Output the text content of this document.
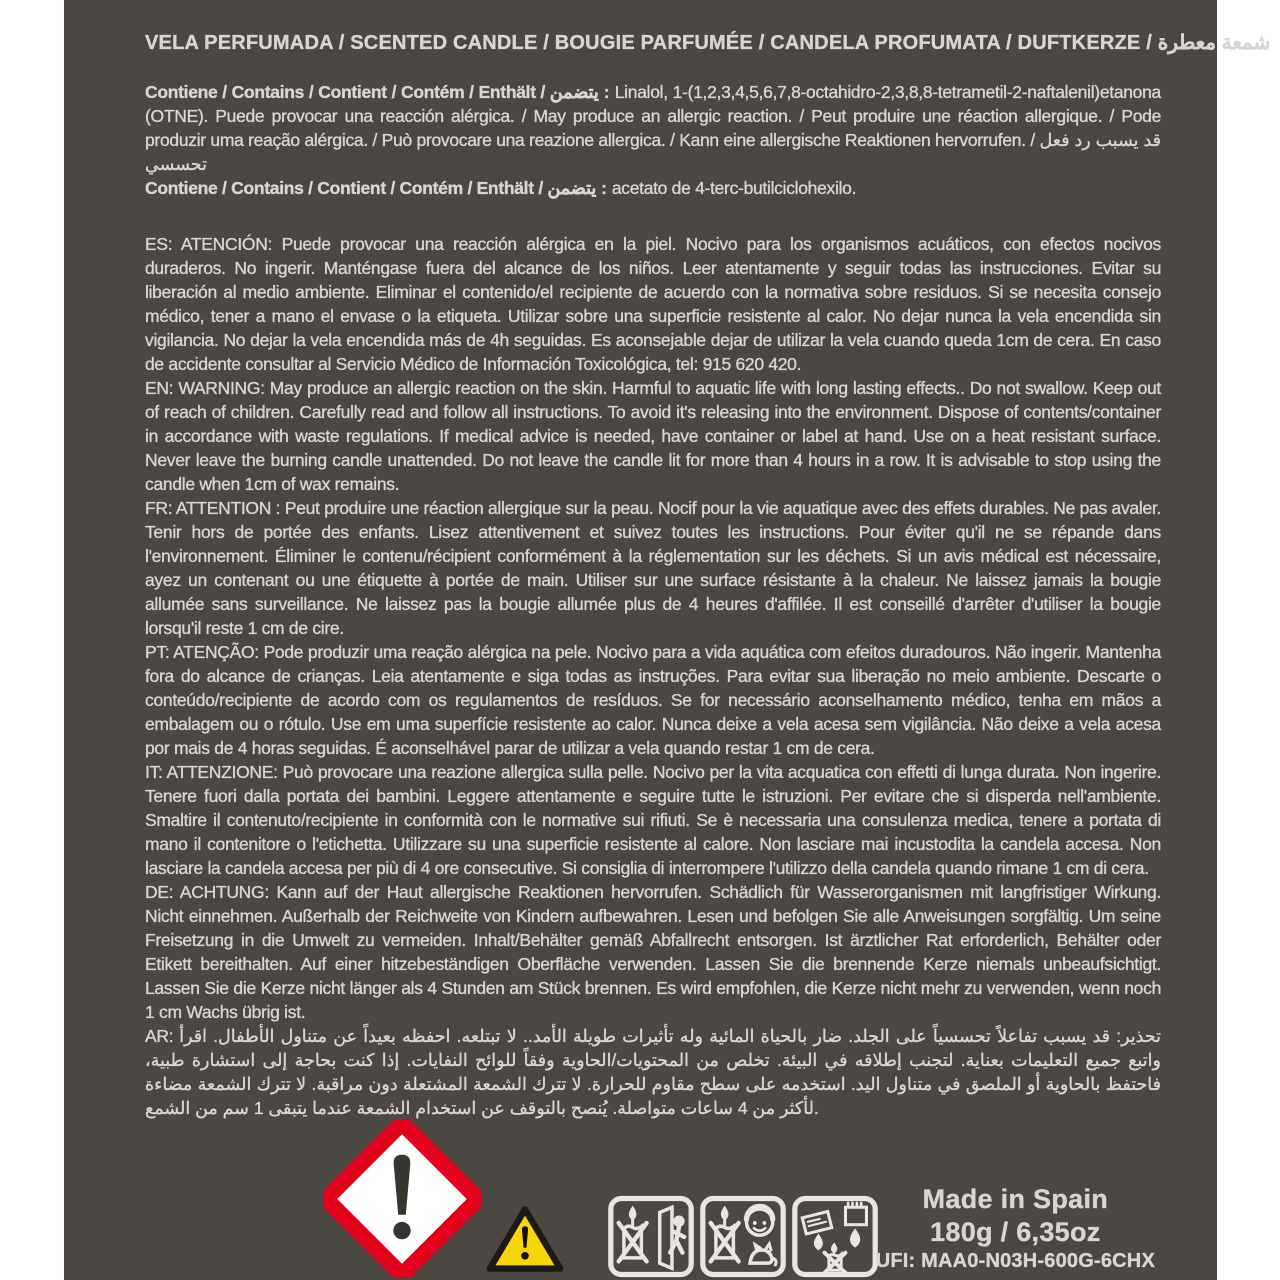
VELA PERFUMADA / SCENTED CANDLE / BOUGIE PARFUMÉE / CANDELA PROFUMATA / DUFTKERZE / شمعة معطرة

Contiene / Contains / Contient / Contém / Enthält / يتضمن : Linalol, 1-(1,2,3,4,5,6,7,8-octahidro-2,3,8,8-tetrametil-2-naftalenil)etanona (OTNE). Puede provocar una reacción alérgica. / May produce an allergic reaction. / Peut produire une réaction allergique. / Pode produzir uma reação alérgica. / Può provocare una reazione allergica. / Kann eine allergische Reaktionen hervorrufen. / قد يسبب رد فعل تحسسي

Contiene / Contains / Contient / Contém / Enthält / يتضمن : acetato de 4-terc-butilciclohexilo.

ES: ATENCIÓN: Puede provocar una reacción alérgica en la piel. Nocivo para los organismos acuáticos, con efectos nocivos duraderos. No ingerir. Manténgase fuera del alcance de los niños. Leer atentamente y seguir todas las instrucciones. Evitar su liberación al medio ambiente. Eliminar el contenido/el recipiente de acuerdo con la normativa sobre residuos. Si se necesita consejo médico, tener a mano el envase o la etiqueta. Utilizar sobre una superficie resistente al calor. No dejar nunca la vela encendida sin vigilancia. No dejar la vela encendida más de 4h seguidas. Es aconsejable dejar de utilizar la vela cuando queda 1cm de cera. En caso de accidente consultar al Servicio Médico de Información Toxicológica, tel: 915 620 420.

EN: WARNING: May produce an allergic reaction on the skin. Harmful to aquatic life with long lasting effects.. Do not swallow. Keep out of reach of children. Carefully read and follow all instructions. To avoid it's releasing into the environment. Dispose of contents/container in accordance with waste regulations. If medical advice is needed, have container or label at hand. Use on a heat resistant surface. Never leave the burning candle unattended. Do not leave the candle lit for more than 4 hours in a row. It is advisable to stop using the candle when 1cm of wax remains.

FR: ATTENTION : Peut produire une réaction allergique sur la peau. Nocif pour la vie aquatique avec des effets durables. Ne pas avaler. Tenir hors de portée des enfants. Lisez attentivement et suivez toutes les instructions. Pour éviter qu'il ne se répande dans l'environnement. Éliminer le contenu/récipient conformément à la réglementation sur les déchets. Si un avis médical est nécessaire, ayez un contenant ou une étiquette à portée de main. Utiliser sur une surface résistante à la chaleur. Ne laissez jamais la bougie allumée sans surveillance. Ne laissez pas la bougie allumée plus de 4 heures d'affilée. Il est conseillé d'arrêter d'utiliser la bougie lorsqu'il reste 1 cm de cire.

PT: ATENÇÃO: Pode produzir uma reação alérgica na pele. Nocivo para a vida aquática com efeitos duradouros. Não ingerir. Mantenha fora do alcance de crianças. Leia atentamente e siga todas as instruções. Para evitar sua liberação no meio ambiente. Descarte o conteúdo/recipiente de acordo com os regulamentos de resíduos. Se for necessário aconselhamento médico, tenha em mãos a embalagem ou o rótulo. Use em uma superfície resistente ao calor. Nunca deixe a vela acesa sem vigilância. Não deixe a vela acesa por mais de 4 horas seguidas. É aconselhável parar de utilizar a vela quando restar 1 cm de cera.

IT: ATTENZIONE: Può provocare una reazione allergica sulla pelle. Nocivo per la vita acquatica con effetti di lunga durata. Non ingerire. Tenere fuori dalla portata dei bambini. Leggere attentamente e seguire tutte le istruzioni. Per evitare che si disperda nell'ambiente. Smaltire il contenuto/recipiente in conformità con le normative sui rifiuti. Se è necessaria una consulenza medica, tenere a portata di mano il contenitore o l'etichetta. Utilizzare su una superficie resistente al calore. Non lasciare mai incustodita la candela accesa. Non lasciare la candela accesa per più di 4 ore consecutive. Si consiglia di interrompere l'utilizzo della candela quando rimane 1 cm di cera.

DE: ACHTUNG: Kann auf der Haut allergische Reaktionen hervorrufen. Schädlich für Wasserorganismen mit langfristiger Wirkung. Nicht einnehmen. Außerhalb der Reichweite von Kindern aufbewahren. Lesen und befolgen Sie alle Anweisungen sorgfältig. Um seine Freisetzung in die Umwelt zu vermeiden. Inhalt/Behälter gemäß Abfallrecht entsorgen. Ist ärztlicher Rat erforderlich, Behälter oder Etikett bereithalten. Auf einer hitzebeständigen Oberfläche verwenden. Lassen Sie die brennende Kerze niemals unbeaufsichtigt. Lassen Sie die Kerze nicht länger als 4 Stunden am Stück brennen. Es wird empfohlen, die Kerze nicht mehr zu verwenden, wenn noch 1 cm Wachs übrig ist.

AR: تحذير: قد يسبب تفاعلاً تحسسياً على الجلد. ضار بالحياة المائية وله تأثيرات طويلة الأمد.. لا تبتلعه. احفظه بعيداً عن متناول الأطفال. اقرأ واتبع جميع التعليمات بعناية. لتجنب إطلاقه في البيئة. تخلص من المحتويات/الحاوية وفقاً للوائح النفايات. إذا كنت بحاجة إلى استشارة طبية، فاحتفظ بالحاوية أو الملصق في متناول اليد. استخدمه على سطح مقاوم للحرارة. لا تترك الشمعة المشتعلة دون مراقبة. لا تترك الشمعة مضاءة لأكثر من 4 ساعات متواصلة. يُنصح بالتوقف عن استخدام الشمعة عندما يتبقى 1 سم من الشمع.

Made in Spain
180g / 6,35oz
UFI: MAA0-N03H-600G-6CHX
